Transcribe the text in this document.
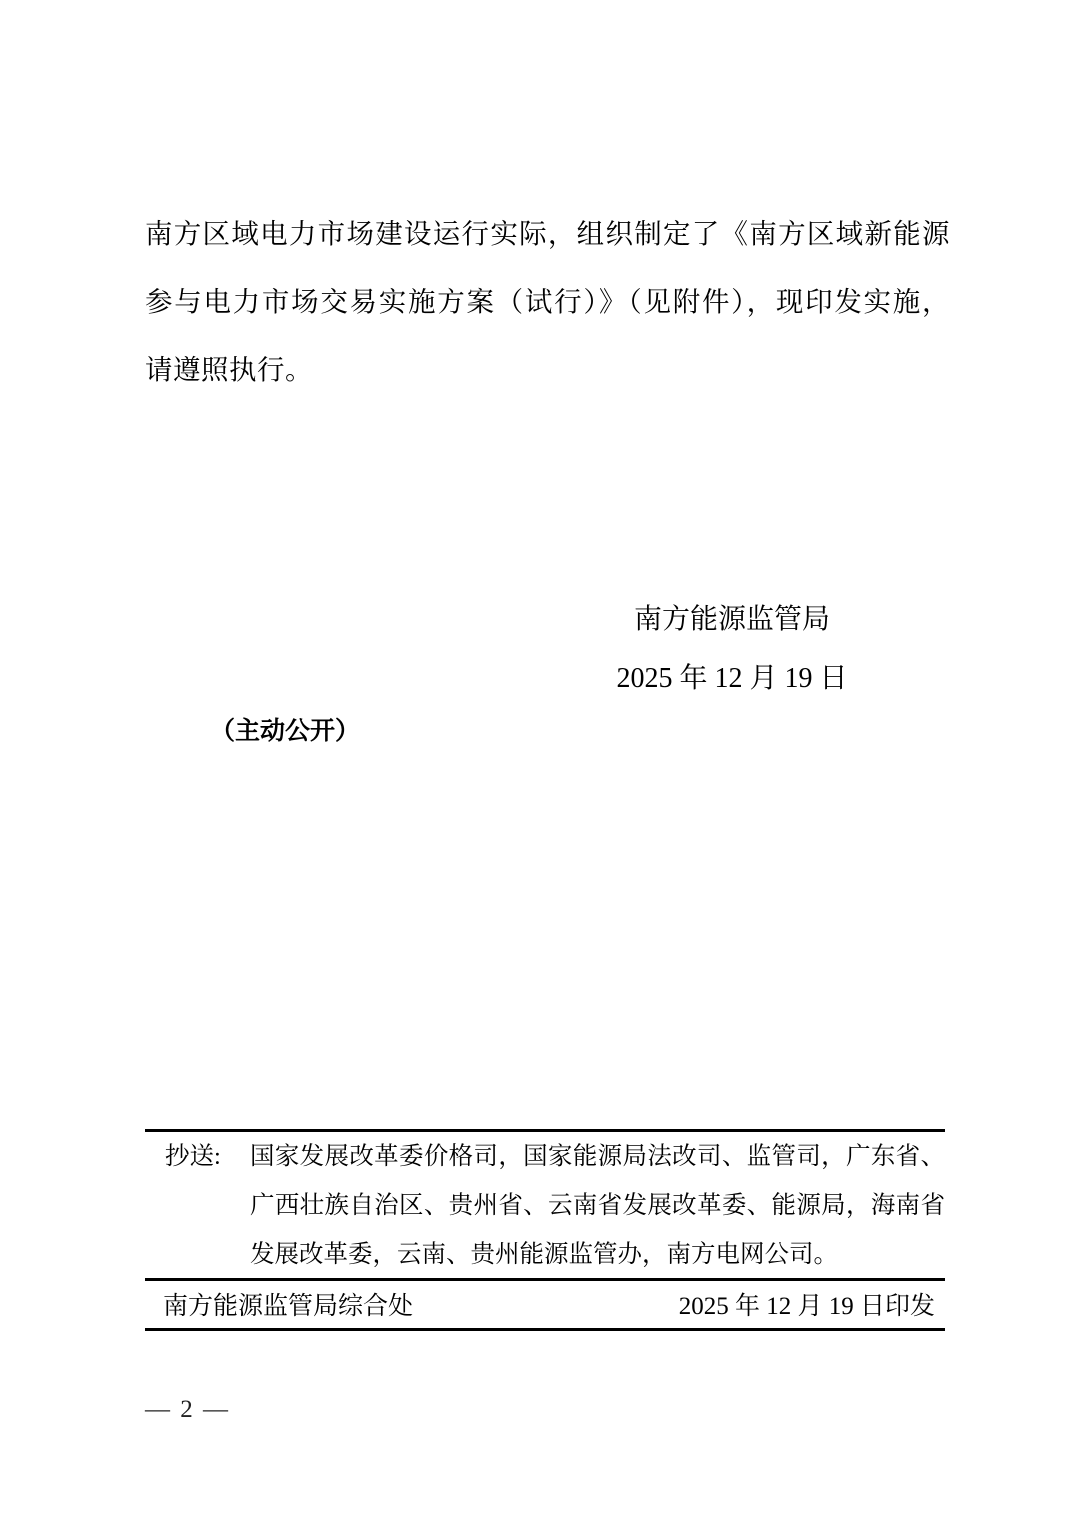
南方区域电力市场建设运行实际，组织制定了《南方区域新能源
参与电力市场交易实施方案（试行）》（见附件），现印发实施，
请遵照执行。
南方能源监管局
2025 年 12 月 19 日
（主动公开）
抄送:	国家发展改革委价格司，国家能源局法改司、监管司，广东省、
广西壮族自治区、贵州省、云南省发展改革委、能源局，海南省
发展改革委，云南、贵州能源监管办，南方电网公司。
南方能源监管局综合处	2025 年 12 月 19 日印发
— 2 —
